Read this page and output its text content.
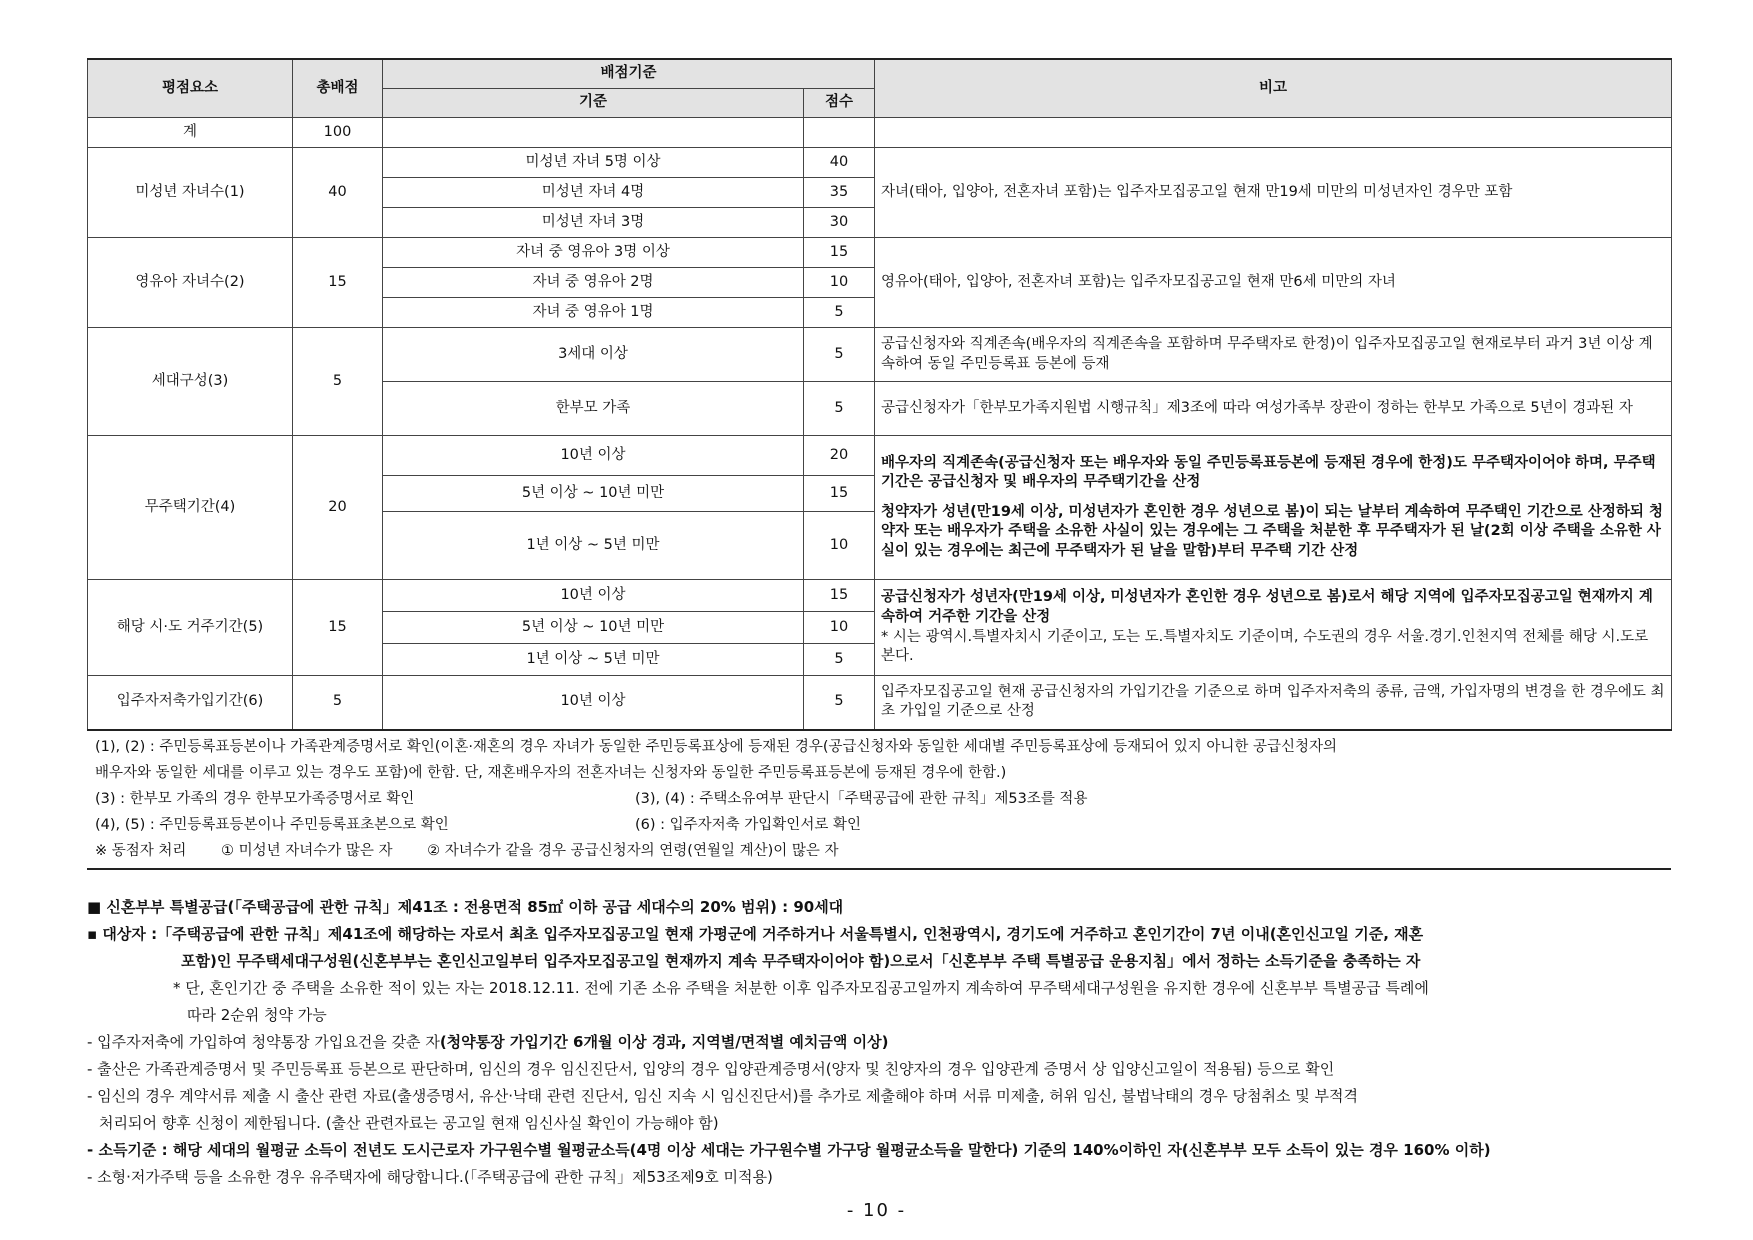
평점요소	총배점	배점기준		비고
		기준	점수	
계	100			
미성년 자녀수(1)	40	미성년 자녀 5명 이상	40	자녀(태아, 입양아, 전혼자녀 포함)는 입주자모집공고일 현재 만19세 미만의 미성년자인 경우만 포함
		미성년 자녀 4명	35	
		미성년 자녀 3명	30	
영유아 자녀수(2)	15	자녀 중 영유아 3명 이상	15	영유아(태아, 입양아, 전혼자녀 포함)는 입주자모집공고일 현재 만6세 미만의 자녀
		자녀 중 영유아 2명	10	
		자녀 중 영유아 1명	5	
세대구성(3)	5	3세대 이상	5	공급신청자와 직계존속(배우자의 직계존속을 포함하며 무주택자로 한정)이 입주자모집공고일 현재로부터 과거 3년 이상 계속하여 동일 주민등록표 등본에 등재
		한부모 가족	5	공급신청자가「한부모가족지원법 시행규칙」제3조에 따라 여성가족부 장관이 정하는 한부모 가족으로 5년이 경과된 자
무주택기간(4)	20	10년 이상	20	배우자의 직계존속(공급신청자 또는 배우자와 동일 주민등록표등본에 등재된 경우에 한정)도 무주택자이어야 하며, 무주택기간은 공급신청자 및 배우자의 무주택기간을 산정
청약자가 성년(만19세 이상, 미성년자가 혼인한 경우 성년으로 봄)이 되는 날부터 계속하여 무주택인 기간으로 산정하되 청약자 또는 배우자가 주택을 소유한 사실이 있는 경우에는 그 주택을 처분한 후 무주택자가 된 날(2회 이상 주택을 소유한 사실이 있는 경우에는 최근에 무주택자가 된 날을 말함)부터 무주택 기간 산정

		5년 이상 ~ 10년 미만	15	
		1년 이상 ~ 5년 미만	10	
해당 시·도 거주기간(5)	15	10년 이상	15	공급신청자가 성년자(만19세 이상, 미성년자가 혼인한 경우 성년으로 봄)로서 해당 지역에 입주자모집공고일 현재까지 계속하여 거주한 기간을 산정
* 시는 광역시.특별자치시 기준이고, 도는 도.특별자치도 기준이며, 수도권의 경우 서울.경기.인천지역 전체를 해당 시.도로 본다.

		5년 이상 ~ 10년 미만	10	
		1년 이상 ~ 5년 미만	5	
입주자저축가입기간(6)	5	10년 이상	5	입주자모집공고일 현재 공급신청자의 가입기간을 기준으로 하며 입주자저축의 종류, 금액, 가입자명의 변경을 한 경우에도 최초 가입일 기준으로 산정
(1), (2) : 주민등록표등본이나 가족관계증명서로 확인(이혼·재혼의 경우 자녀가 동일한 주민등록표상에 등재된 경우(공급신청자와 동일한 세대별 주민등록표상에 등재되어 있지 아니한 공급신청자의
배우자와 동일한 세대를 이루고 있는 경우도 포함)에 한함. 단, 재혼배우자의 전혼자녀는 신청자와 동일한 주민등록표등본에 등재된 경우에 한함.)
(3) : 한부모 가족의 경우 한부모가족증명서로 확인	(3), (4) : 주택소유여부 판단시「주택공급에 관한 규칙」제53조를 적용
(4), (5) : 주민등록표등본이나 주민등록표초본으로 확인	(6) : 입주자저축 가입확인서로 확인
※ 동점자 처리 ① 미성년 자녀수가 많은 자 ② 자녀수가 같을 경우 공급신청자의 연령(연월일 계산)이 많은 자
■ 신혼부부 특별공급(「주택공급에 관한 규칙」제41조 : 전용면적 85㎡ 이하 공급 세대수의 20% 범위) : 90세대
▪ 대상자 :「주택공급에 관한 규칙」제41조에 해당하는 자로서 최초 입주자모집공고일 현재 가평군에 거주하거나 서울특별시, 인천광역시, 경기도에 거주하고 혼인기간이 7년 이내(혼인신고일 기준, 재혼
포함)인 무주택세대구성원(신혼부부는 혼인신고일부터 입주자모집공고일 현재까지 계속 무주택자이어야 함)으로서「신혼부부 주택 특별공급 운용지침」에서 정하는 소득기준을 충족하는 자
* 단, 혼인기간 중 주택을 소유한 적이 있는 자는 2018.12.11. 전에 기존 소유 주택을 처분한 이후 입주자모집공고일까지 계속하여 무주택세대구성원을 유지한 경우에 신혼부부 특별공급 특례에
따라 2순위 청약 가능
- 입주자저축에 가입하여 청약통장 가입요건을 갖춘 자(청약통장 가입기간 6개월 이상 경과, 지역별/면적별 예치금액 이상)
- 출산은 가족관계증명서 및 주민등록표 등본으로 판단하며, 임신의 경우 임신진단서, 입양의 경우 입양관계증명서(양자 및 친양자의 경우 입양관계 증명서 상 입양신고일이 적용됨) 등으로 확인
- 임신의 경우 계약서류 제출 시 출산 관련 자료(출생증명서, 유산·낙태 관련 진단서, 임신 지속 시 임신진단서)를 추가로 제출해야 하며 서류 미제출, 허위 임신, 불법낙태의 경우 당첨취소 및 부적격
처리되어 향후 신청이 제한됩니다. (출산 관련자료는 공고일 현재 임신사실 확인이 가능해야 함)
- 소득기준 : 해당 세대의 월평균 소득이 전년도 도시근로자 가구원수별 월평균소득(4명 이상 세대는 가구원수별 가구당 월평균소득을 말한다) 기준의 140%이하인 자(신혼부부 모두 소득이 있는 경우 160% 이하)
- 소형·저가주택 등을 소유한 경우 유주택자에 해당합니다.(「주택공급에 관한 규칙」제53조제9호 미적용)
- 10 -
